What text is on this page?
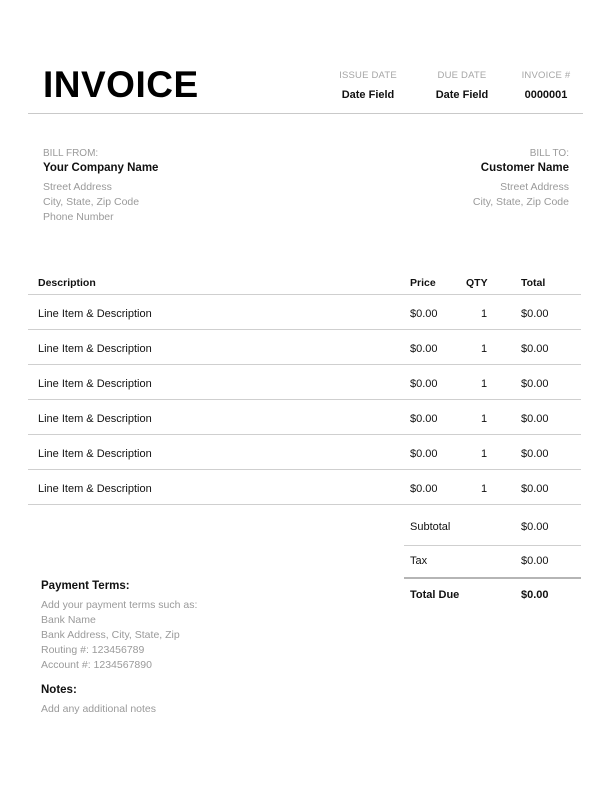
INVOICE	ISSUE DATE
Date Field
DUE DATE
Date Field
INVOICE #
0000001
BILL FROM:
Your Company Name
Street Address
City, State, Zip Code
Phone Number
BILL TO:
Customer Name
Street Address
City, State, Zip Code
Description	Price	QTY	Total
Line Item & Description	$0.00	1	$0.00
Line Item & Description	$0.00	1	$0.00
Line Item & Description	$0.00	1	$0.00
Line Item & Description	$0.00	1	$0.00
Line Item & Description	$0.00	1	$0.00
Line Item & Description	$0.00	1	$0.00
Subtotal	$0.00
Tax	$0.00
Total Due	$0.00
Payment Terms:
Add your payment terms such as:
Bank Name
Bank Address, City, State, Zip
Routing #: 123456789
Account #: 1234567890
Notes:
Add any additional notes
